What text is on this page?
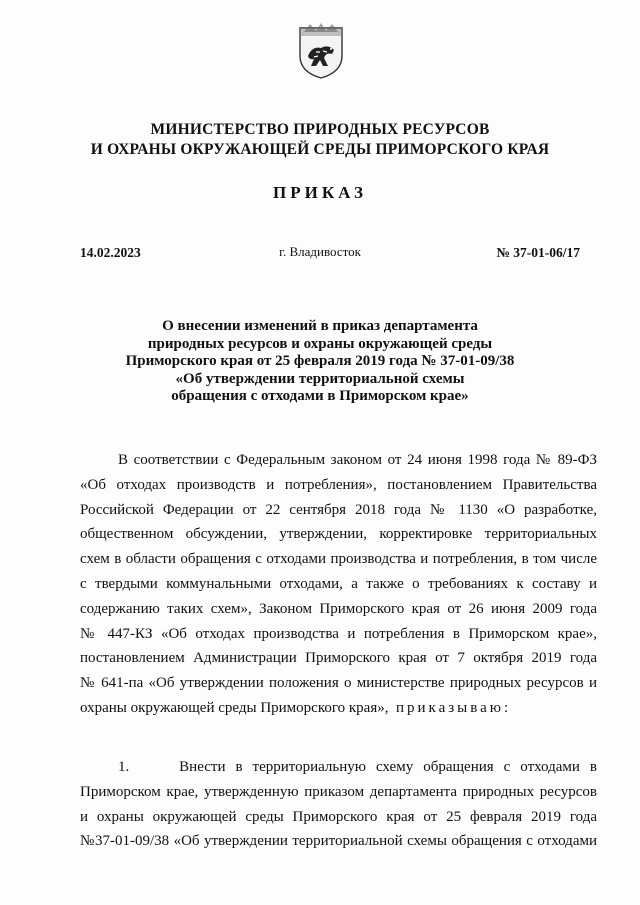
МИНИСТЕРСТВО ПРИРОДНЫХ РЕСУРСОВ
И ОХРАНЫ ОКРУЖАЮЩЕЙ СРЕДЫ ПРИМОРСКОГО КРАЯ
ПРИКАЗ
14.02.2023	г. Владивосток	№ 37-01-06/17
О внесении изменений в приказ департамента
природных ресурсов и охраны окружающей среды
Приморского края от 25 февраля 2019 года № 37-01-09/38
«Об утверждении территориальной схемы
обращения с отходами в Приморском крае»
В соответствии с Федеральным законом от 24 июня 1998 года № 89-ФЗ
«Об отходах производств и потребления», постановлением Правительства
Российской Федерации от 22 сентября 2018 года № 1130 «О разработке,
общественном обсуждении, утверждении, корректировке территориальных
схем в области обращения с отходами производства и потребления, в том числе
с твердыми коммунальными отходами, а также о требованиях к составу и
содержанию таких схем», Законом Приморского края от 26 июня 2009 года
№ 447-КЗ «Об отходах производства и потребления в Приморском крае»,
постановлением Администрации Приморского края от 7 октября 2019 года
№ 641-па «Об утверждении положения о министерстве природных ресурсов и
охраны окружающей среды Приморского края», приказываю:
1.     Внести в территориальную схему обращения с отходами в
Приморском крае, утвержденную приказом департамента природных ресурсов
и охраны окружающей среды Приморского края от 25 февраля 2019 года
№37-01-09/38 «Об утверждении территориальной схемы обращения с отходами
